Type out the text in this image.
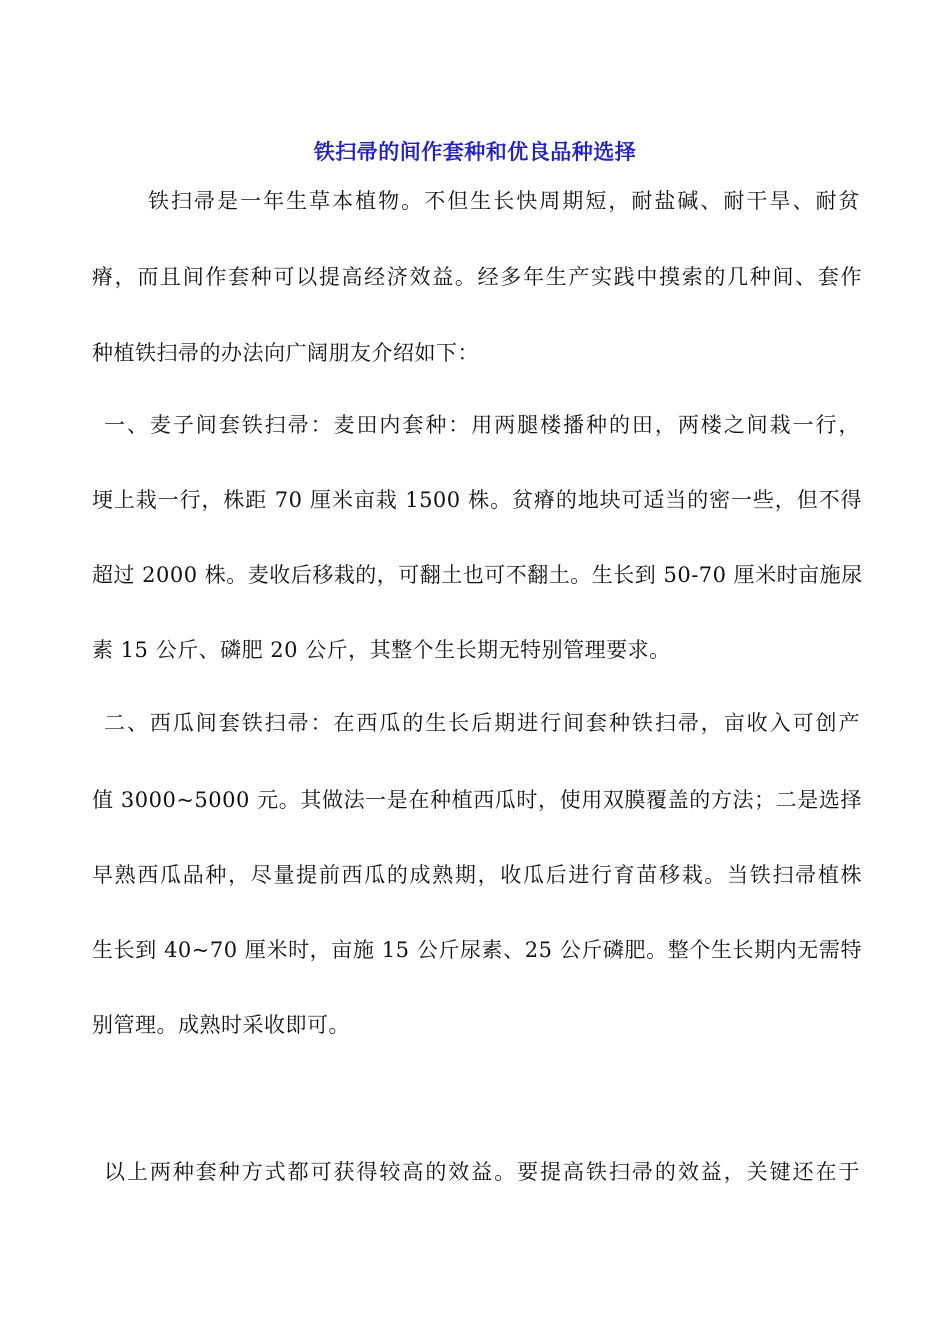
铁扫帚的间作套种和优良品种选择
铁扫帚是一年生草本植物。不但生长快周期短，耐盐碱、耐干旱、耐贫
瘠，而且间作套种可以提高经济效益。经多年生产实践中摸索的几种间、套作
种植铁扫帚的办法向广阔朋友介绍如下：
一、麦子间套铁扫帚：麦田内套种：用两腿楼播种的田，两楼之间栽一行，
埂上栽一行，株距 70 厘米亩栽 1500 株。贫瘠的地块可适当的密一些，但不得
超过 2000 株。麦收后移栽的，可翻土也可不翻土。生长到 50-70 厘米时亩施尿
素 15 公斤、磷肥 20 公斤，其整个生长期无特别管理要求。
二、西瓜间套铁扫帚：在西瓜的生长后期进行间套种铁扫帚，亩收入可创产
值 3000~5000 元。其做法一是在种植西瓜时，使用双膜覆盖的方法；二是选择
早熟西瓜品种，尽量提前西瓜的成熟期，收瓜后进行育苗移栽。当铁扫帚植株
生长到 40~70 厘米时，亩施 15 公斤尿素、25 公斤磷肥。整个生长期内无需特
别管理。成熟时采收即可。
以上两种套种方式都可获得较高的效益。要提高铁扫帚的效益，关键还在于
